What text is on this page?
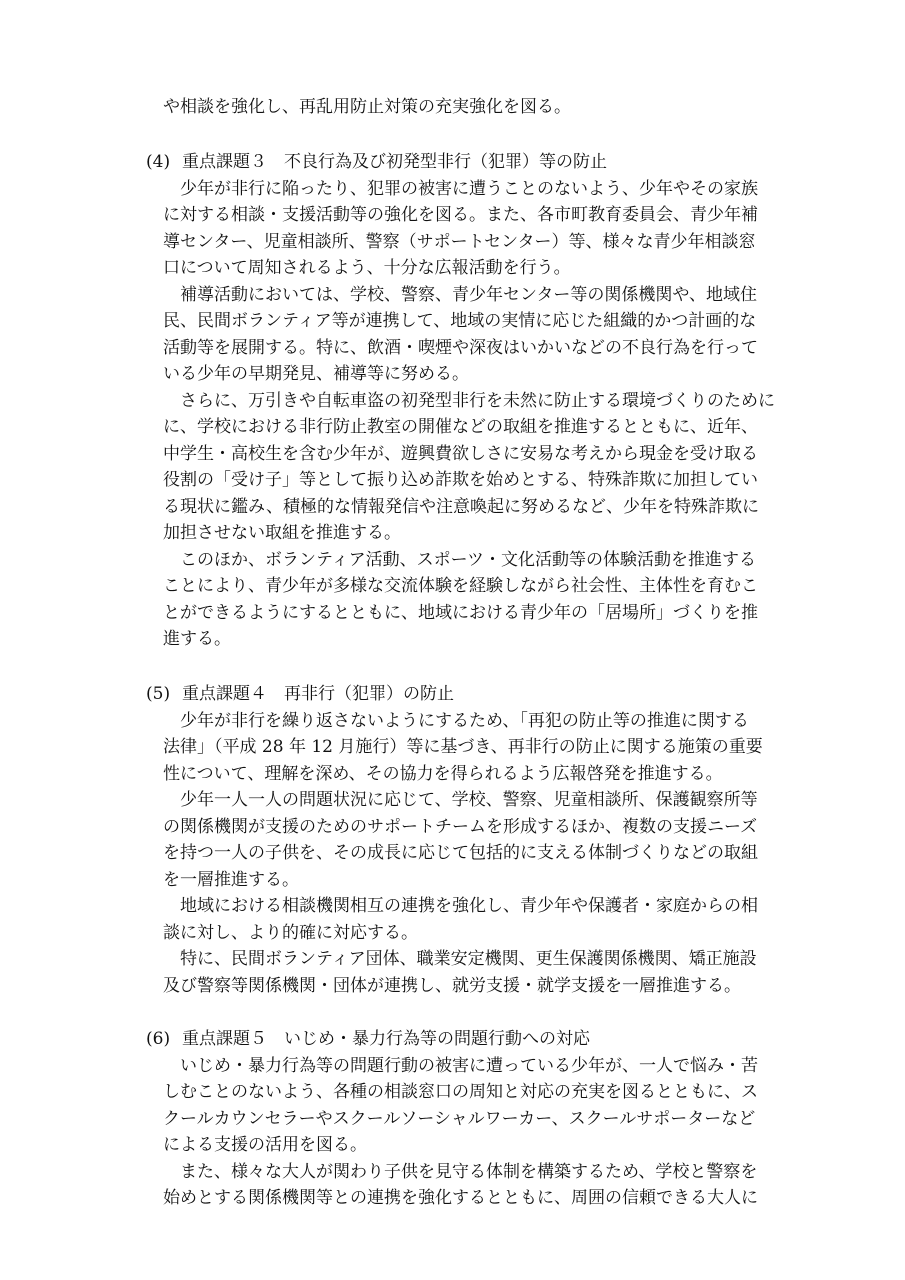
や相談を強化し、再乱用防止対策の充実強化を図る。
(4) 重点課題３　不良行為及び初発型非行（犯罪）等の防止
　少年が非行に陥ったり、犯罪の被害に遭うことのないよう、少年やその家族
に対する相談・支援活動等の強化を図る。また、各市町教育委員会、青少年補
導センター、児童相談所、警察（サポートセンター）等、様々な青少年相談窓
口について周知されるよう、十分な広報活動を行う。
　補導活動においては、学校、警察、青少年センター等の関係機関や、地域住
民、民間ボランティア等が連携して、地域の実情に応じた組織的かつ計画的な
活動等を展開する。特に、飲酒・喫煙や深夜はいかいなどの不良行為を行って
いる少年の早期発見、補導等に努める。
　さらに、万引きや自転車盗の初発型非行を未然に防止する環境づくりのために
に、学校における非行防止教室の開催などの取組を推進するとともに、近年、
中学生・高校生を含む少年が、遊興費欲しさに安易な考えから現金を受け取る
役割の「受け子」等として振り込め詐欺を始めとする、特殊詐欺に加担してい
る現状に鑑み、積極的な情報発信や注意喚起に努めるなど、少年を特殊詐欺に
加担させない取組を推進する。
　このほか、ボランティア活動、スポーツ・文化活動等の体験活動を推進する
ことにより、青少年が多様な交流体験を経験しながら社会性、主体性を育むこ
とができるようにするとともに、地域における青少年の「居場所」づくりを推
進する。
(5) 重点課題４　再非行（犯罪）の防止
　少年が非行を繰り返さないようにするため、「再犯の防止等の推進に関する
法律」（平成 28 年 12 月施行）等に基づき、再非行の防止に関する施策の重要
性について、理解を深め、その協力を得られるよう広報啓発を推進する。
　少年一人一人の問題状況に応じて、学校、警察、児童相談所、保護観察所等
の関係機関が支援のためのサポートチームを形成するほか、複数の支援ニーズ
を持つ一人の子供を、その成長に応じて包括的に支える体制づくりなどの取組
を一層推進する。
　地域における相談機関相互の連携を強化し、青少年や保護者・家庭からの相
談に対し、より的確に対応する。
　特に、民間ボランティア団体、職業安定機関、更生保護関係機関、矯正施設
及び警察等関係機関・団体が連携し、就労支援・就学支援を一層推進する。
(6) 重点課題５　いじめ・暴力行為等の問題行動への対応
　いじめ・暴力行為等の問題行動の被害に遭っている少年が、一人で悩み・苦
しむことのないよう、各種の相談窓口の周知と対応の充実を図るとともに、ス
クールカウンセラーやスクールソーシャルワーカー、スクールサポーターなど
による支援の活用を図る。
　また、様々な大人が関わり子供を見守る体制を構築するため、学校と警察を
始めとする関係機関等との連携を強化するとともに、周囲の信頼できる大人に
